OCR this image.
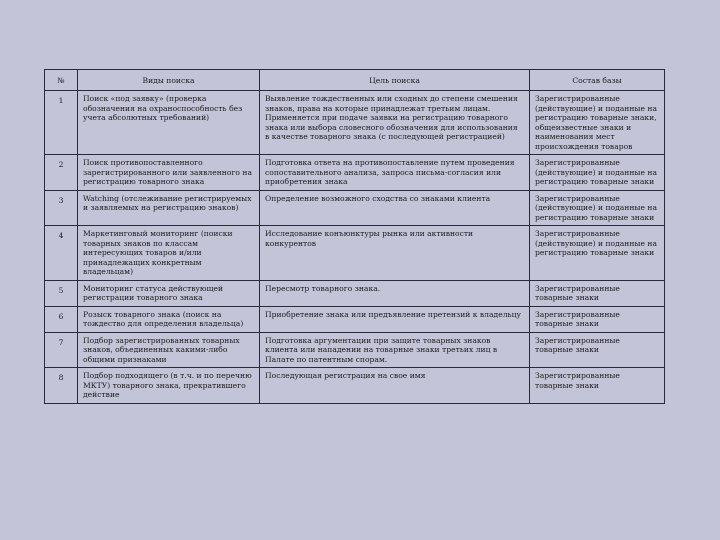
№	Виды поиска	Цель поиска	Состав базы
1	Поиск «под заявку» (проверка обозначения на охраноспособность без учета абсолютных требований)	Выявление тождественных или сходных до степени смешения знаков, права на которые принадлежат третьим лицам. Применяется при подаче заявки на регистрацию товарного знака или выбора словесного обозначения для использования в качестве товарного знака (с последующей регистрацией)	Зарегистрированные (действующие) и поданные на регистрацию товарные знаки, общеизвестные знаки и наименования мест происхождения товаров
2	Поиск противопоставленного зарегистрированного или заявленного на регистрацию товарного знака	Подготовка ответа на противопоставление путем проведения сопоставительного анализа, запроса письма-согласия или приобретения знака	Зарегистрированные (действующие) и поданные на регистрацию товарные знаки
3	Watching (отслеживание регистрируемых и заявляемых на регистрацию знаков)	Определение возможного сходства со знаками клиента	Зарегистрированные (действующие) и поданные на регистрацию товарные знаки
4	Маркетинговый мониторинг (поиски товарных знаков по классам интересующих товаров и/или принадлежащих конкретным владельцам)	Исследование конъюнктуры рынка или активности конкурентов	Зарегистрированные (действующие) и поданные на регистрацию товарные знаки
5	Мониторинг статуса действующей регистрации товарного знака	Пересмотр товарного знака.	Зарегистрированные товарные знаки
6	Розыск товарного знака (поиск на тождество для определения владельца)	Приобретение знака или предъявление претензий к владельцу	Зарегистрированные товарные знаки
7	Подбор зарегистрированных товарных знаков, объединенных какими-либо общими признаками	Подготовка аргументации при защите товарных знаков клиента или нападении на товарные знаки третьих лиц в Палате по патентным спорам.	Зарегистрированные товарные знаки
8	Подбор подходящего (в т.ч. и по перечню МКТУ) товарного знака, прекратившего действие	Последующая регистрация на свое имя	Зарегистрированные товарные знаки
